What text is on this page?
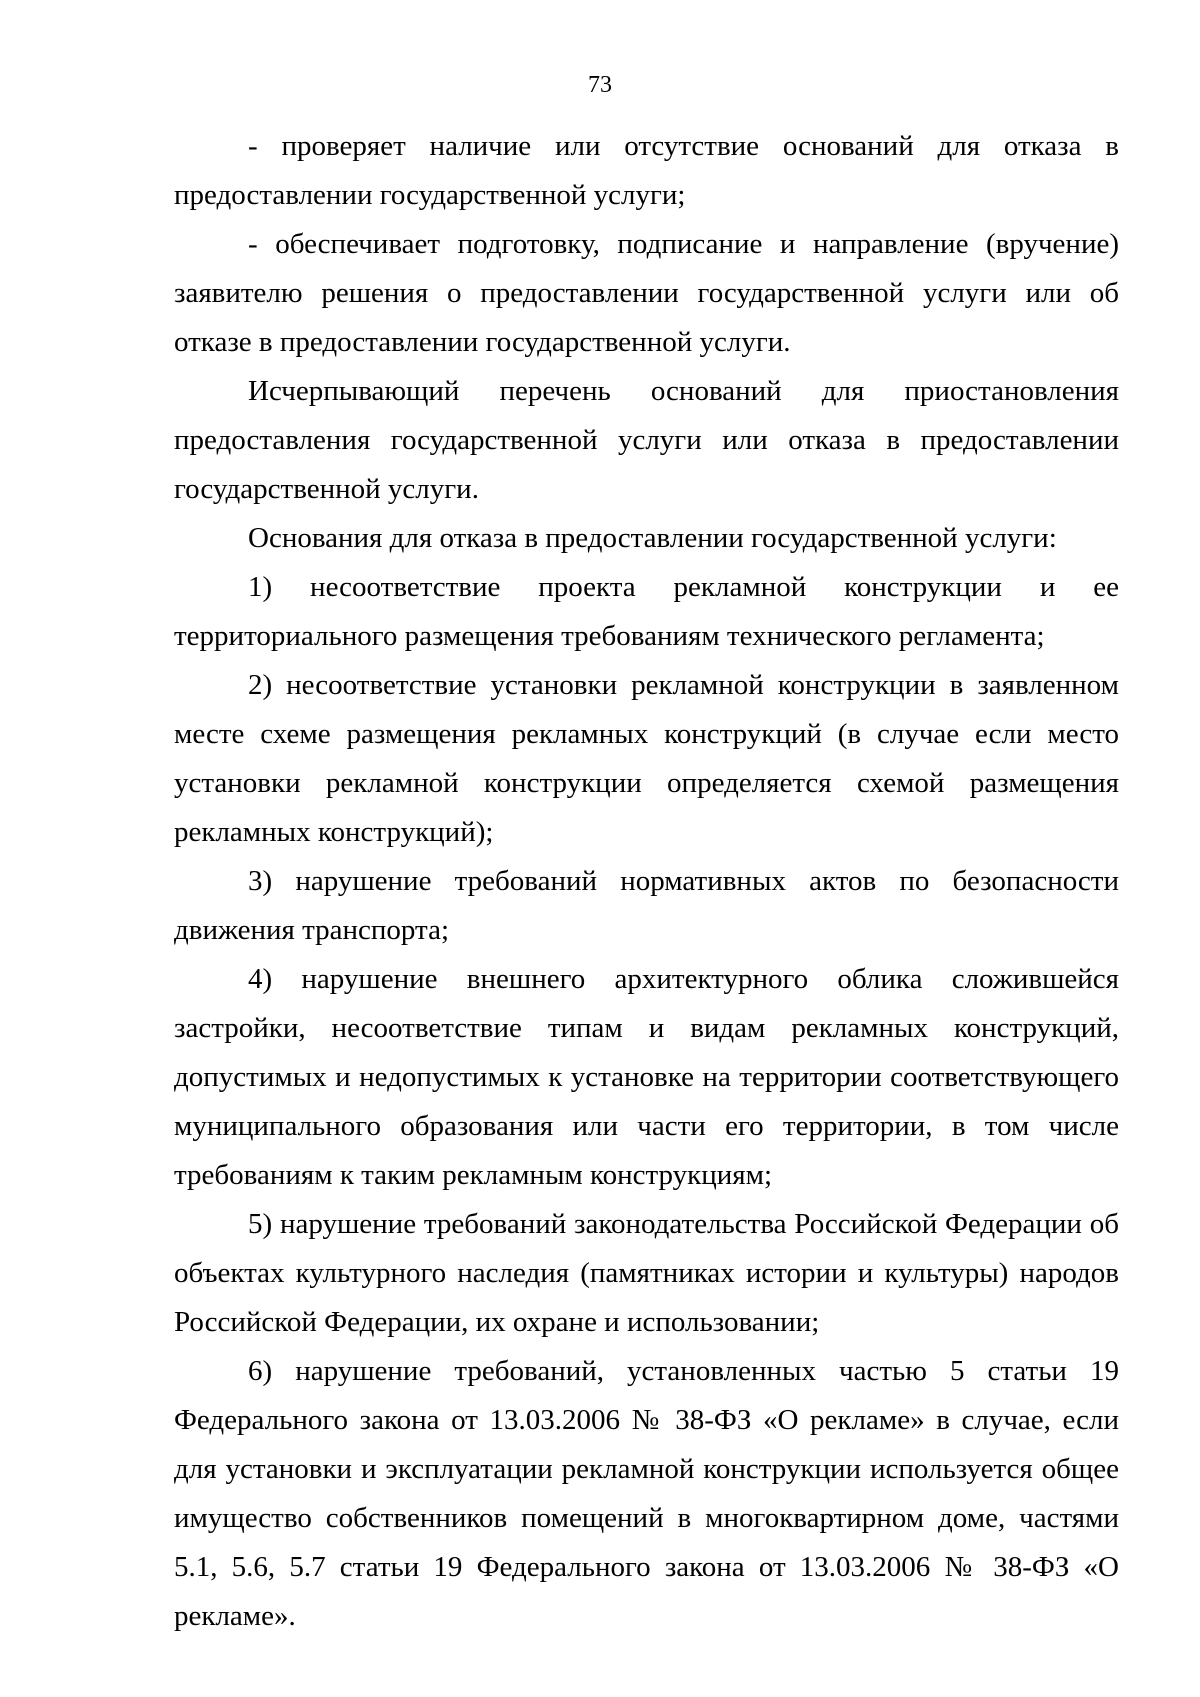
73

- проверяет наличие или отсутствие оснований для отказа в предоставлении государственной услуги;

- обеспечивает подготовку, подписание и направление (вручение) заявителю решения о предоставлении государственной услуги или об отказе в предоставлении государственной услуги.

Исчерпывающий перечень оснований для приостановления предоставления государственной услуги или отказа в предоставлении государственной услуги.

Основания для отказа в предоставлении государственной услуги:

1) несоответствие проекта рекламной конструкции и ее территориального размещения требованиям технического регламента;

2) несоответствие установки рекламной конструкции в заявленном месте схеме размещения рекламных конструкций (в случае если место установки рекламной конструкции определяется схемой размещения рекламных конструкций);

3) нарушение требований нормативных актов по безопасности движения транспорта;

4) нарушение внешнего архитектурного облика сложившейся застройки, несоответствие типам и видам рекламных конструкций, допустимых и недопустимых к установке на территории соответствующего муниципального образования или части его территории, в том числе требованиям к таким рекламным конструкциям;

5) нарушение требований законодательства Российской Федерации об объектах культурного наследия (памятниках истории и культуры) народов Российской Федерации, их охране и использовании;

6) нарушение требований, установленных частью 5 статьи 19 Федерального закона от 13.03.2006 № 38-ФЗ «О рекламе» в случае, если для установки и эксплуатации рекламной конструкции используется общее имущество собственников помещений в многоквартирном доме, частями 5.1, 5.6, 5.7 статьи 19 Федерального закона от 13.03.2006 № 38-ФЗ «О рекламе».
